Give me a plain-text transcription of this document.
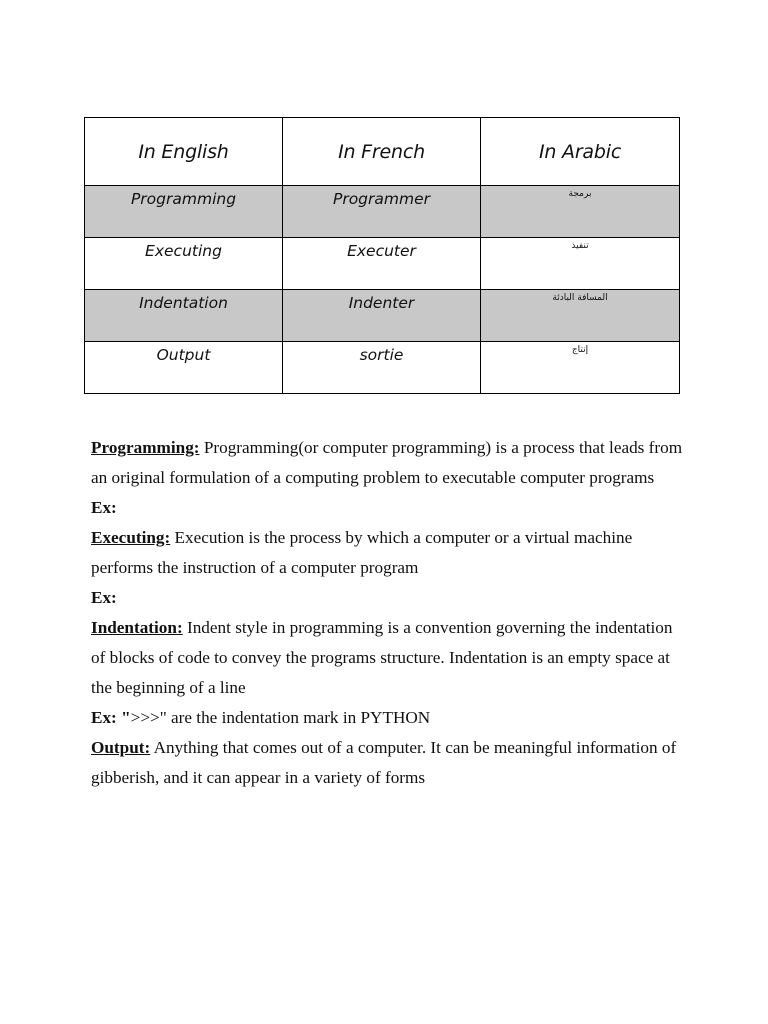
In English	In French	In Arabic
Programming	Programmer	برمجة
Executing	Executer	تنفيذ
Indentation	Indenter	المسافة البادئة
Output	sortie	إنتاج

Programming: Programming(or computer programming) is a process that leads from an original formulation of a computing problem to executable computer programs

Ex:

Executing: Execution is the process by which a computer or a virtual machine performs the instruction of a computer program

Ex:

Indentation: Indent style in programming is a convention governing the indentation of blocks of code to convey the programs structure. Indentation is an empty space at the beginning of a line

Ex: ">>>" are the indentation mark in PYTHON

Output: Anything that comes out of a computer. It can be meaningful information of gibberish, and it can appear in a variety of forms
